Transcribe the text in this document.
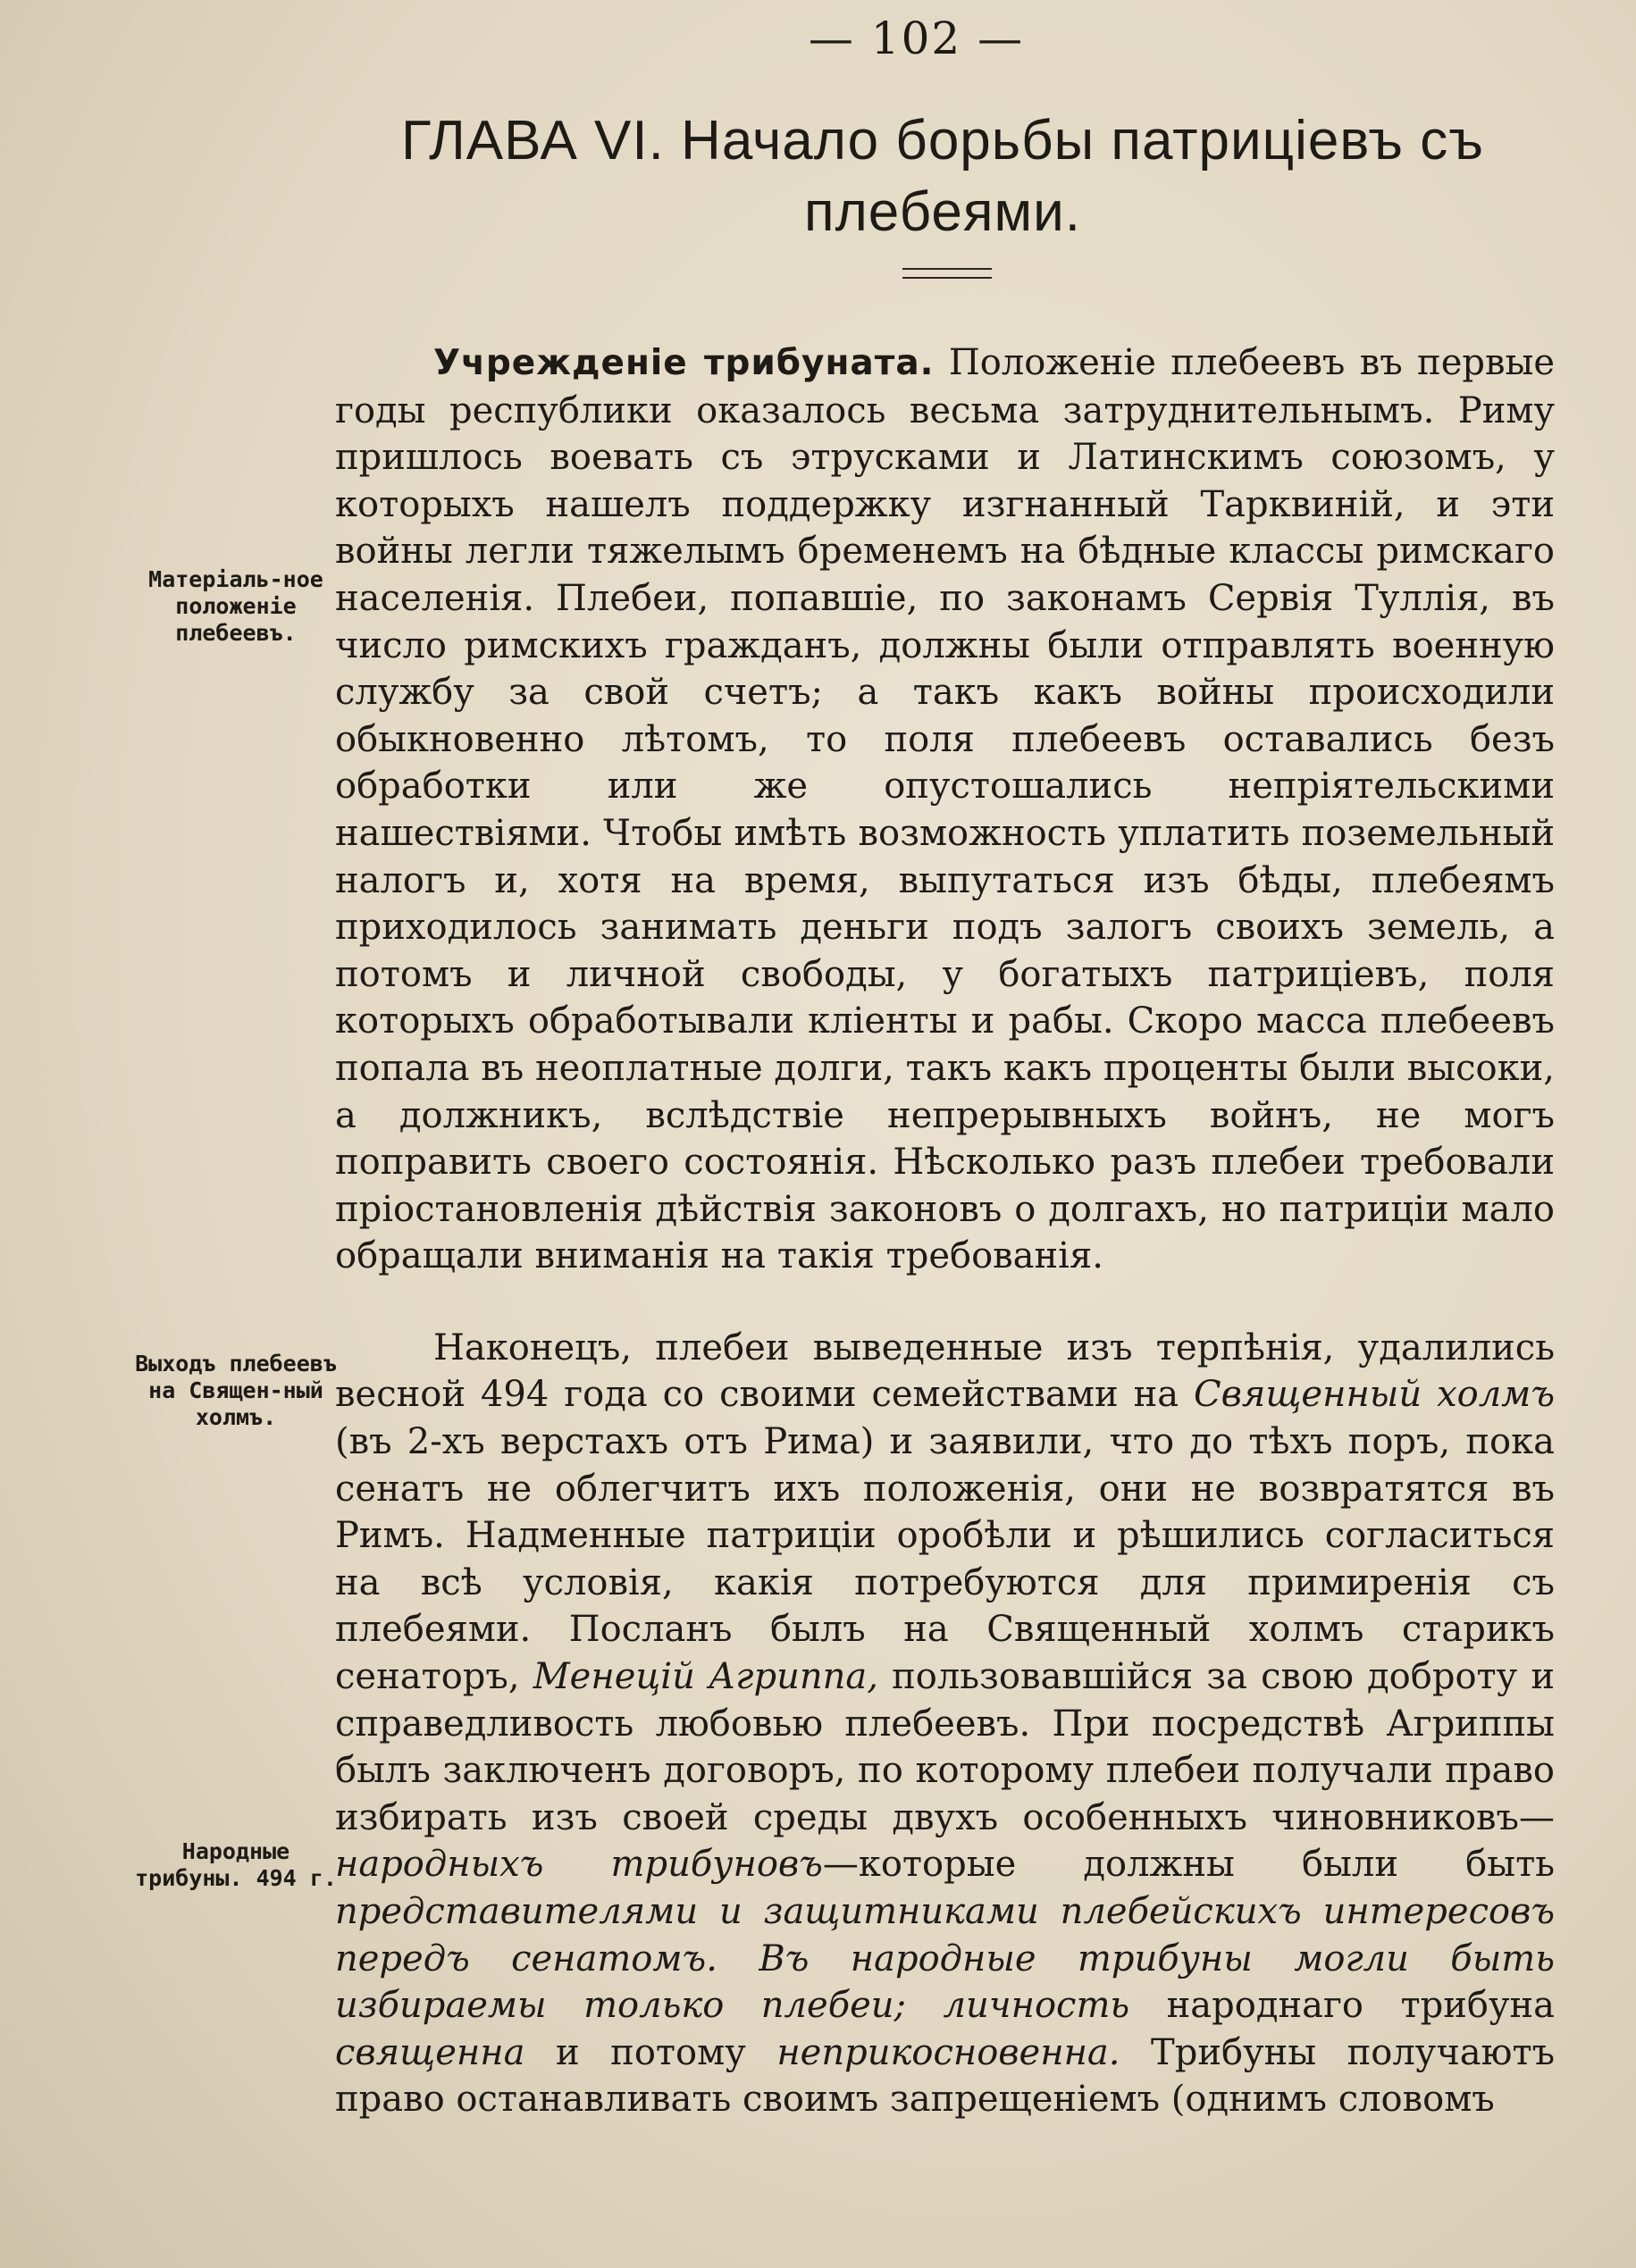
— 102 —
ГЛАВА VI. Начало борьбы патрицiевъ съ плебеями.
Матерiаль-ное положенiе плебеевъ.
Выходъ плебеевъ на Священ-ный холмъ.
Народные трибуны. 494 г.

Учрежденiе трибуната. Положенiе плебеевъ въ первые годы республики оказалось весьма затруднительнымъ. Риму пришлось воевать съ этрусками и Латинскимъ союзомъ, у которыхъ нашелъ поддержку изгнанный Тарквинiй, и эти войны легли тяжелымъ бременемъ на бѣдные классы римскаго населенiя. Плебеи, попавшiе, по законамъ Сервiя Туллiя, въ число римскихъ гражданъ, должны были отправлять военную службу за свой счетъ; а такъ какъ войны происходили обыкновенно лѣтомъ, то поля плебеевъ оставались безъ обработки или же опустошались непрiятельскими нашествiями. Чтобы имѣть возможность уплатить поземельный налогъ и, хотя на время, выпутаться изъ бѣды, плебеямъ приходилось занимать деньги подъ залогъ своихъ земель, а потомъ и личной свободы, у богатыхъ патрицiевъ, поля которыхъ обработывали клiенты и рабы. Скоро масса плебеевъ попала въ неоплатные долги, такъ какъ проценты были высоки, а должникъ, вслѣдствiе непрерывныхъ войнъ, не могъ поправить своего состоянiя. Нѣсколько разъ плебеи требовали прiостановленiя дѣйствiя законовъ о долгахъ, но патрицiи мало обращали вниманiя на такiя требованiя.

Наконецъ, плебеи выведенные изъ терпѣнiя, удалились весной 494 года со своими семействами на Священный холмъ (въ 2-хъ верстахъ отъ Рима) и заявили, что до тѣхъ поръ, пока сенатъ не облегчитъ ихъ положенiя, они не возвратятся въ Римъ. Надменные патрицiи оробѣли и рѣшились согласиться на всѣ условiя, какiя потребуются для примиренiя съ плебеями. Посланъ былъ на Священный холмъ старикъ сенаторъ, Менецiй Агриппа, пользовавшiйся за свою доброту и справедливость любовью плебеевъ. При посредствѣ Агриппы былъ заключенъ договоръ, по которому плебеи получали право избирать изъ своей среды двухъ особенныхъ чиновниковъ—народныхъ трибуновъ—которые должны были быть представителями и защитниками плебейскихъ интересовъ передъ сенатомъ. Въ народные трибуны могли быть избираемы только плебеи; личность народнаго трибуна священна и потому неприкосновенна. Трибуны получаютъ право останавливать своимъ запрещенiемъ (однимъ словомъ
